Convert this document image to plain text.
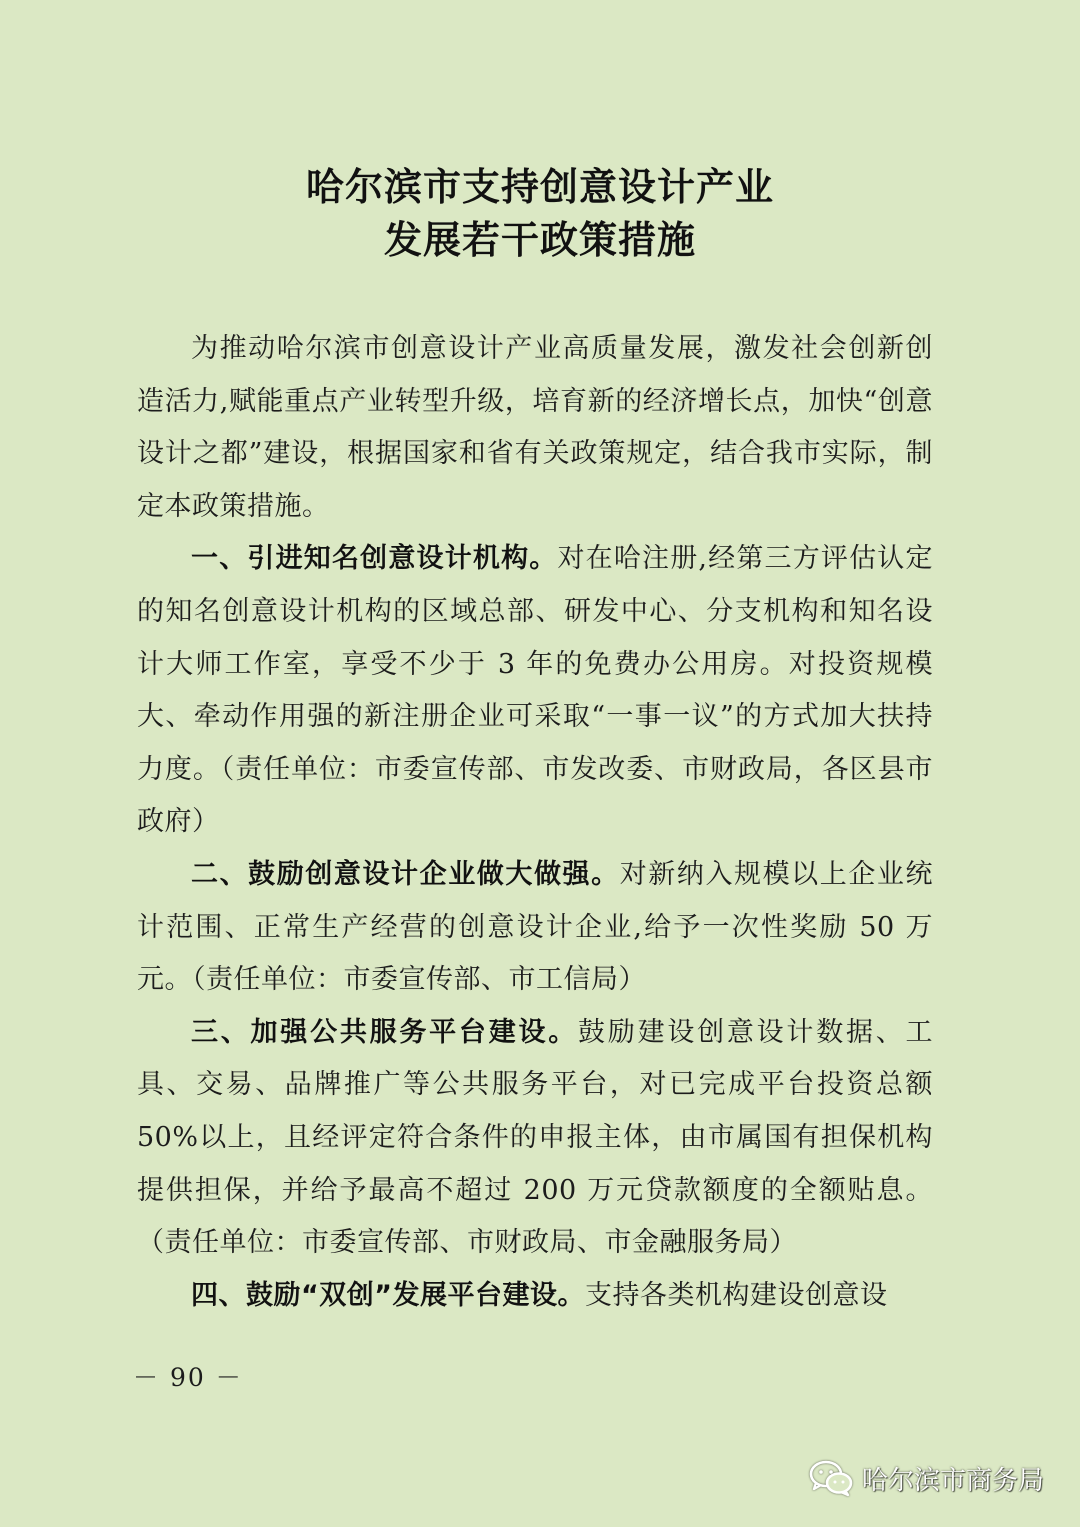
哈尔滨市支持创意设计产业
发展若干政策措施

为推动哈尔滨市创意设计产业高质量发展，激发社会创新创造活力,赋能重点产业转型升级，培育新的经济增长点，加快“创意设计之都”建设，根据国家和省有关政策规定，结合我市实际，制定本政策措施。

一、引进知名创意设计机构。对在哈注册,经第三方评估认定的知名创意设计机构的区域总部、研发中心、分支机构和知名设计大师工作室，享受不少于 3 年的免费办公用房。对投资规模大、牵动作用强的新注册企业可采取“一事一议”的方式加大扶持力度。（责任单位：市委宣传部、市发改委、市财政局，各区县市政府）

二、鼓励创意设计企业做大做强。对新纳入规模以上企业统计范围、正常生产经营的创意设计企业,给予一次性奖励 50 万元。（责任单位：市委宣传部、市工信局）

三、加强公共服务平台建设。鼓励建设创意设计数据、工具、交易、品牌推广等公共服务平台，对已完成平台投资总额 50%以上，且经评定符合条件的申报主体，由市属国有担保机构提供担保，并给予最高不超过 200 万元贷款额度的全额贴息。（责任单位：市委宣传部、市财政局、市金融服务局）

四、鼓励“双创”发展平台建设。支持各类机构建设创意设

－ 90 －
哈尔滨市商务局
